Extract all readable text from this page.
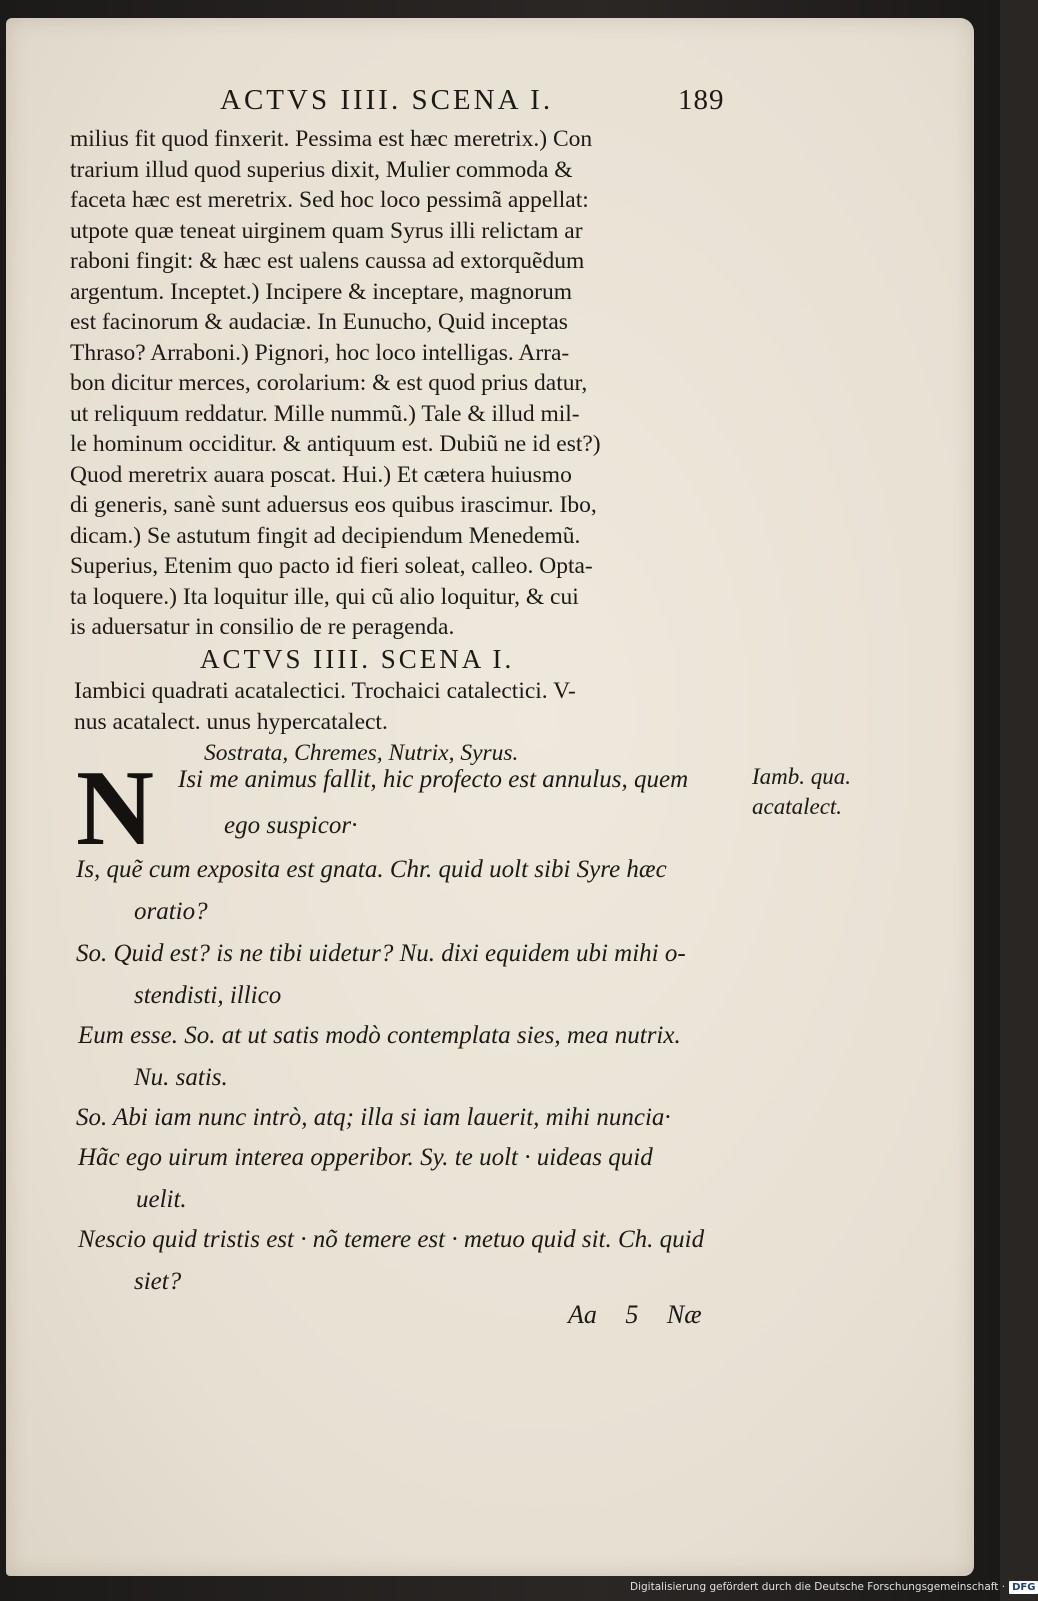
ACTVS IIII. SCENA I.	189
milius fit quod finxerit. Pessima est hæc meretrix.) Con
trarium illud quod superius dixit, Mulier commoda &
faceta hæc est meretrix. Sed hoc loco pessimã appellat:
utpote quæ teneat uirginem quam Syrus illi relictam ar
raboni fingit: & hæc est ualens caussa ad extorquẽdum
argentum. Inceptet.) Incipere & inceptare, magnorum
est facinorum & audaciæ. In Eunucho, Quid inceptas
Thraso? Arraboni.) Pignori, hoc loco intelligas. Arra-
bon dicitur merces, corolarium: & est quod prius datur,
ut reliquum reddatur. Mille nummũ.) Tale & illud mil-
le hominum occiditur. & antiquum est. Dubiũ ne id est?)
Quod meretrix auara poscat. Hui.) Et cætera huiusmo
di generis, sanè sunt aduersus eos quibus irascimur. Ibo,
dicam.) Se astutum fingit ad decipiendum Menedemũ.
Superius, Etenim quo pacto id fieri soleat, calleo. Opta-
ta loquere.) Ita loquitur ille, qui cũ alio loquitur, & cui
is aduersatur in consilio de re peragenda.
ACTVS IIII. SCENA I.
Iambici quadrati acatalectici. Trochaici catalectici. V-
nus acatalect. unus hypercatalect.
Sostrata, Chremes, Nutrix, Syrus.
N	Iamb. qua.
acatalect.
Isi me animus fallit, hic profecto est annulus, quem
ego suspicor·
Is, quẽ cum exposita est gnata. Chr. quid uolt sibi Syre hæc
oratio?
So. Quid est? is ne tibi uidetur? Nu. dixi equidem ubi mihi o-
stendisti, illico
Eum esse. So. at ut satis modò contemplata sies, mea nutrix.
Nu. satis.
So. Abi iam nunc intrò, atq; illa si iam lauerit, mihi nuncia·
Hãc ego uirum interea opperibor. Sy. te uolt · uideas quid
uelit.
Nescio quid tristis est · nõ temere est · metuo quid sit. Ch. quid
siet?
Aa 5 Næ
Digitalisierung gefördert durch die Deutsche Forschungsgemeinschaft · DFG
